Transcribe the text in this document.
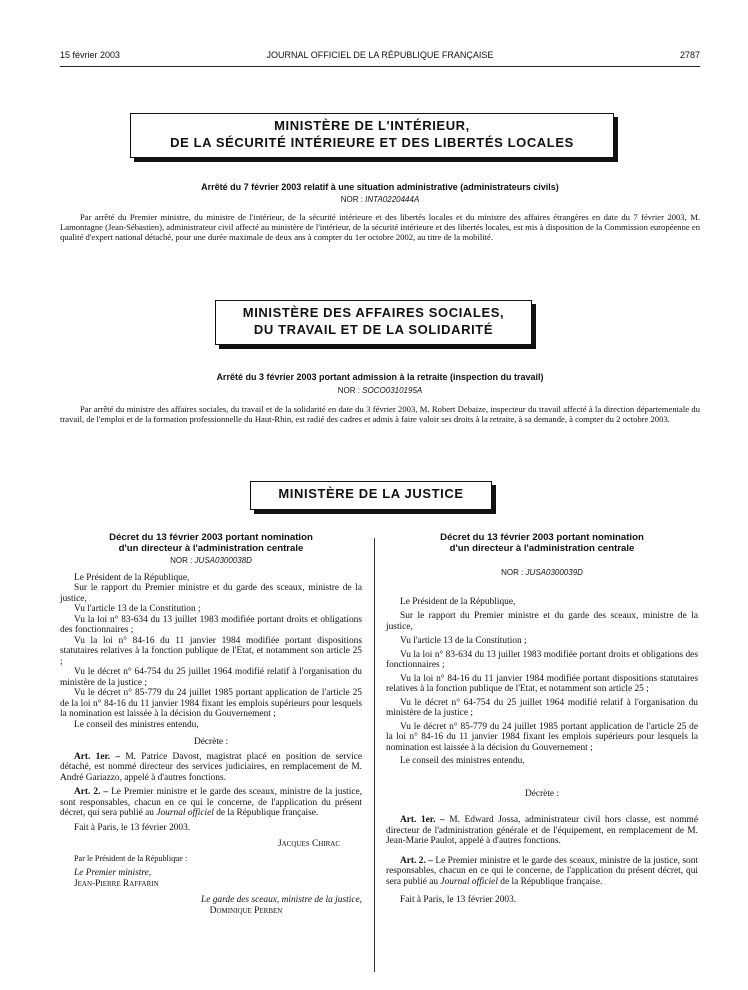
15 février 2003	JOURNAL OFFICIEL DE LA RÉPUBLIQUE FRANÇAISE	2787
MINISTÈRE DE L'INTÉRIEUR,
DE LA SÉCURITÉ INTÉRIEURE ET DES LIBERTÉS LOCALES
Arrêté du 7 février 2003 relatif à une situation administrative (administrateurs civils)
NOR : INTA0220444A
Par arrêté du Premier ministre, du ministre de l'intérieur, de la sécurité intérieure et des libertés locales et du ministre des affaires étrangères en date du 7 février 2003, M. Lamontagne (Jean-Sébastien), administrateur civil affecté au ministère de l'intérieur, de la sécurité intérieure et des libertés locales, est mis à disposition de la Commission européenne en qualité d'expert national détaché, pour une durée maximale de deux ans à compter du 1er octobre 2002, au titre de la mobilité.
MINISTÈRE DES AFFAIRES SOCIALES,
DU TRAVAIL ET DE LA SOLIDARITÉ
Arrêté du 3 février 2003 portant admission à la retraite (inspection du travail)
NOR : SOCO0310195A
Par arrêté du ministre des affaires sociales, du travail et de la solidarité en date du 3 février 2003, M. Robert Debaize, inspecteur du travail affecté à la direction départementale du travail, de l'emploi et de la formation professionnelle du Haut-Rhin, est radié des cadres et admis à faire valoir ses droits à la retraite, à sa demande, à compter du 2 octobre 2003.
MINISTÈRE DE LA JUSTICE
Décret du 13 février 2003 portant nomination
d'un directeur à l'administration centrale
NOR : JUSA0300038D

Le Président de la République,

Sur le rapport du Premier ministre et du garde des sceaux, ministre de la justice,

Vu l'article 13 de la Constitution ;

Vu la loi n° 83-634 du 13 juillet 1983 modifiée portant droits et obligations des fonctionnaires ;

Vu la loi n° 84-16 du 11 janvier 1984 modifiée portant dispositions statutaires relatives à la fonction publique de l'Etat, et notamment son article 25 ;

Vu le décret n° 64-754 du 25 juillet 1964 modifié relatif à l'organisation du ministère de la justice ;

Vu le décret n° 85-779 du 24 juillet 1985 portant application de l'article 25 de la loi n° 84-16 du 11 janvier 1984 fixant les emplois supérieurs pour lesquels la nomination est laissée à la décision du Gouvernement ;

Le conseil des ministres entendu,

Décrète :

Art. 1er. – M. Patrice Davost, magistrat placé en position de service détaché, est nommé directeur des services judiciaires, en remplacement de M. André Gariazzo, appelé à d'autres fonctions.

Art. 2. – Le Premier ministre et le garde des sceaux, ministre de la justice, sont responsables, chacun en ce qui le concerne, de l'application du présent décret, qui sera publié au Journal officiel de la République française.

Fait à Paris, le 13 février 2003.

Jacques Chirac

Par le Président de la République :

Le Premier ministre,

Jean-Pierre Raffarin

Le garde des sceaux, ministre de la justice,

Dominique Perben

Décret du 13 février 2003 portant nomination
d'un directeur à l'administration centrale
NOR : JUSA0300039D

Le Président de la République,

Sur le rapport du Premier ministre et du garde des sceaux, ministre de la justice,

Vu l'article 13 de la Constitution ;

Vu la loi n° 83-634 du 13 juillet 1983 modifiée portant droits et obligations des fonctionnaires ;

Vu la loi n° 84-16 du 11 janvier 1984 modifiée portant dispositions statutaires relatives à la fonction publique de l'Etat, et notamment son article 25 ;

Vu le décret n° 64-754 du 25 juillet 1964 modifié relatif à l'organisation du ministère de la justice ;

Vu le décret n° 85-779 du 24 juillet 1985 portant application de l'article 25 de la loi n° 84-16 du 11 janvier 1984 fixant les emplois supérieurs pour lesquels la nomination est laissée à la décision du Gouvernement ;

Le conseil des ministres entendu,

Décrète :

Art. 1er. – M. Edward Jossa, administrateur civil hors classe, est nommé directeur de l'administration générale et de l'équipement, en remplacement de M. Jean-Marie Paulot, appelé à d'autres fonctions.

Art. 2. – Le Premier ministre et le garde des sceaux, ministre de la justice, sont responsables, chacun en ce qui le concerne, de l'application du présent décret, qui sera publié au Journal officiel de la République française.

Fait à Paris, le 13 février 2003.
